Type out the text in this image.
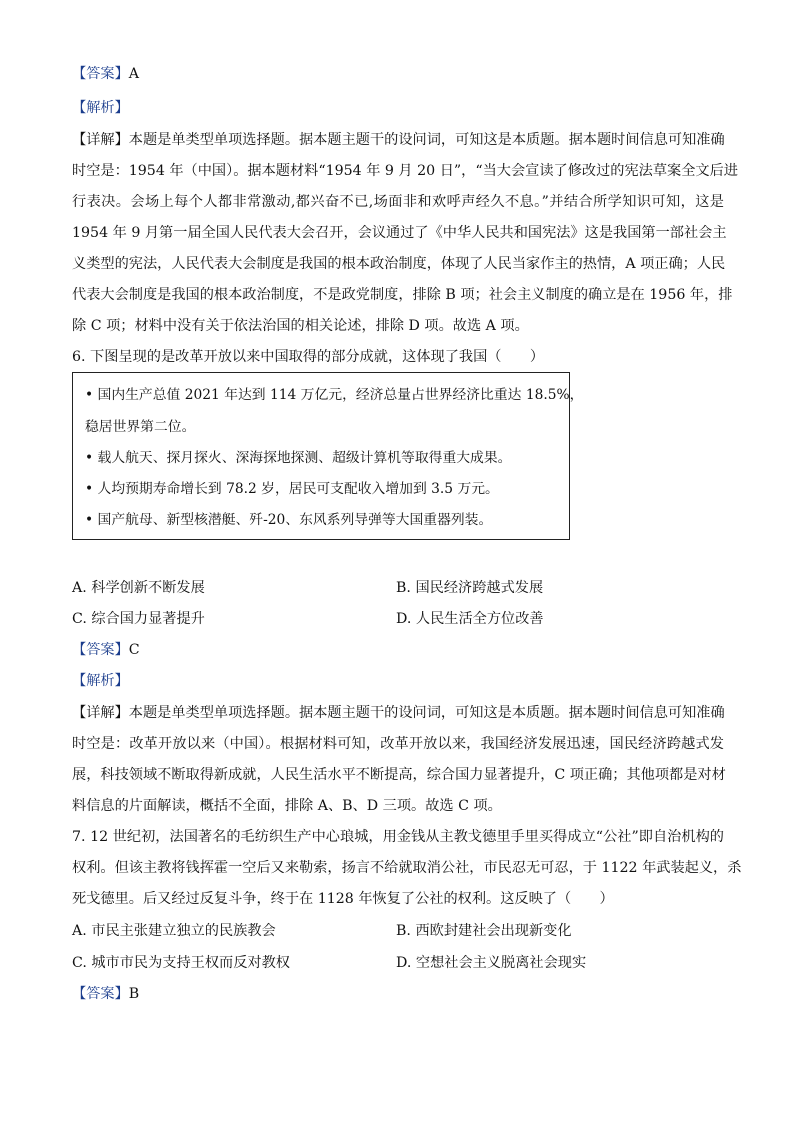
【答案】A
【解析】
【详解】本题是单类型单项选择题。据本题主题干的设问词，可知这是本质题。据本题时间信息可知准确
时空是：1954 年（中国）。据本题材料“1954 年 9 月 20 日”，“当大会宣读了修改过的宪法草案全文后进
行表决。会场上每个人都非常激动,都兴奋不已,场面非和欢呼声经久不息。”并结合所学知识可知，这是
1954 年 9 月第一届全国人民代表大会召开，会议通过了《中华人民共和国宪法》这是我国第一部社会主
义类型的宪法，人民代表大会制度是我国的根本政治制度，体现了人民当家作主的热情，A 项正确；人民
代表大会制度是我国的根本政治制度，不是政党制度，排除 B 项；社会主义制度的确立是在 1956 年，排
除 C 项；材料中没有关于依法治国的相关论述，排除 D 项。故选 A 项。
6. 下图呈现的是改革开放以来中国取得的部分成就，这体现了我国（　　）
• 国内生产总值 2021 年达到 114 万亿元，经济总量占世界经济比重达 18.5%，
稳居世界第二位。
• 载人航天、探月探火、深海探地探测、超级计算机等取得重大成果。
• 人均预期寿命增长到 78.2 岁，居民可支配收入增加到 3.5 万元。
• 国产航母、新型核潜艇、歼-20、东风系列导弹等大国重器列装。
A. 科学创新不断发展	B. 国民经济跨越式发展
C. 综合国力显著提升	D. 人民生活全方位改善
【答案】C
【解析】
【详解】本题是单类型单项选择题。据本题主题干的设问词，可知这是本质题。据本题时间信息可知准确
时空是：改革开放以来（中国）。根据材料可知，改革开放以来，我国经济发展迅速，国民经济跨越式发
展，科技领域不断取得新成就，人民生活水平不断提高，综合国力显著提升，C 项正确；其他项都是对材
料信息的片面解读，概括不全面，排除 A、B、D 三项。故选 C 项。
7. 12 世纪初，法国著名的毛纺织生产中心琅城，用金钱从主教戈德里手里买得成立“公社”即自治机构的
权利。但该主教将钱挥霍一空后又来勒索，扬言不给就取消公社，市民忍无可忍，于 1122 年武装起义，杀
死戈德里。后又经过反复斗争，终于在 1128 年恢复了公社的权利。这反映了（　　）
A. 市民主张建立独立的民族教会	B. 西欧封建社会出现新变化
C. 城市市民为支持王权而反对教权	D. 空想社会主义脱离社会现实
【答案】B
